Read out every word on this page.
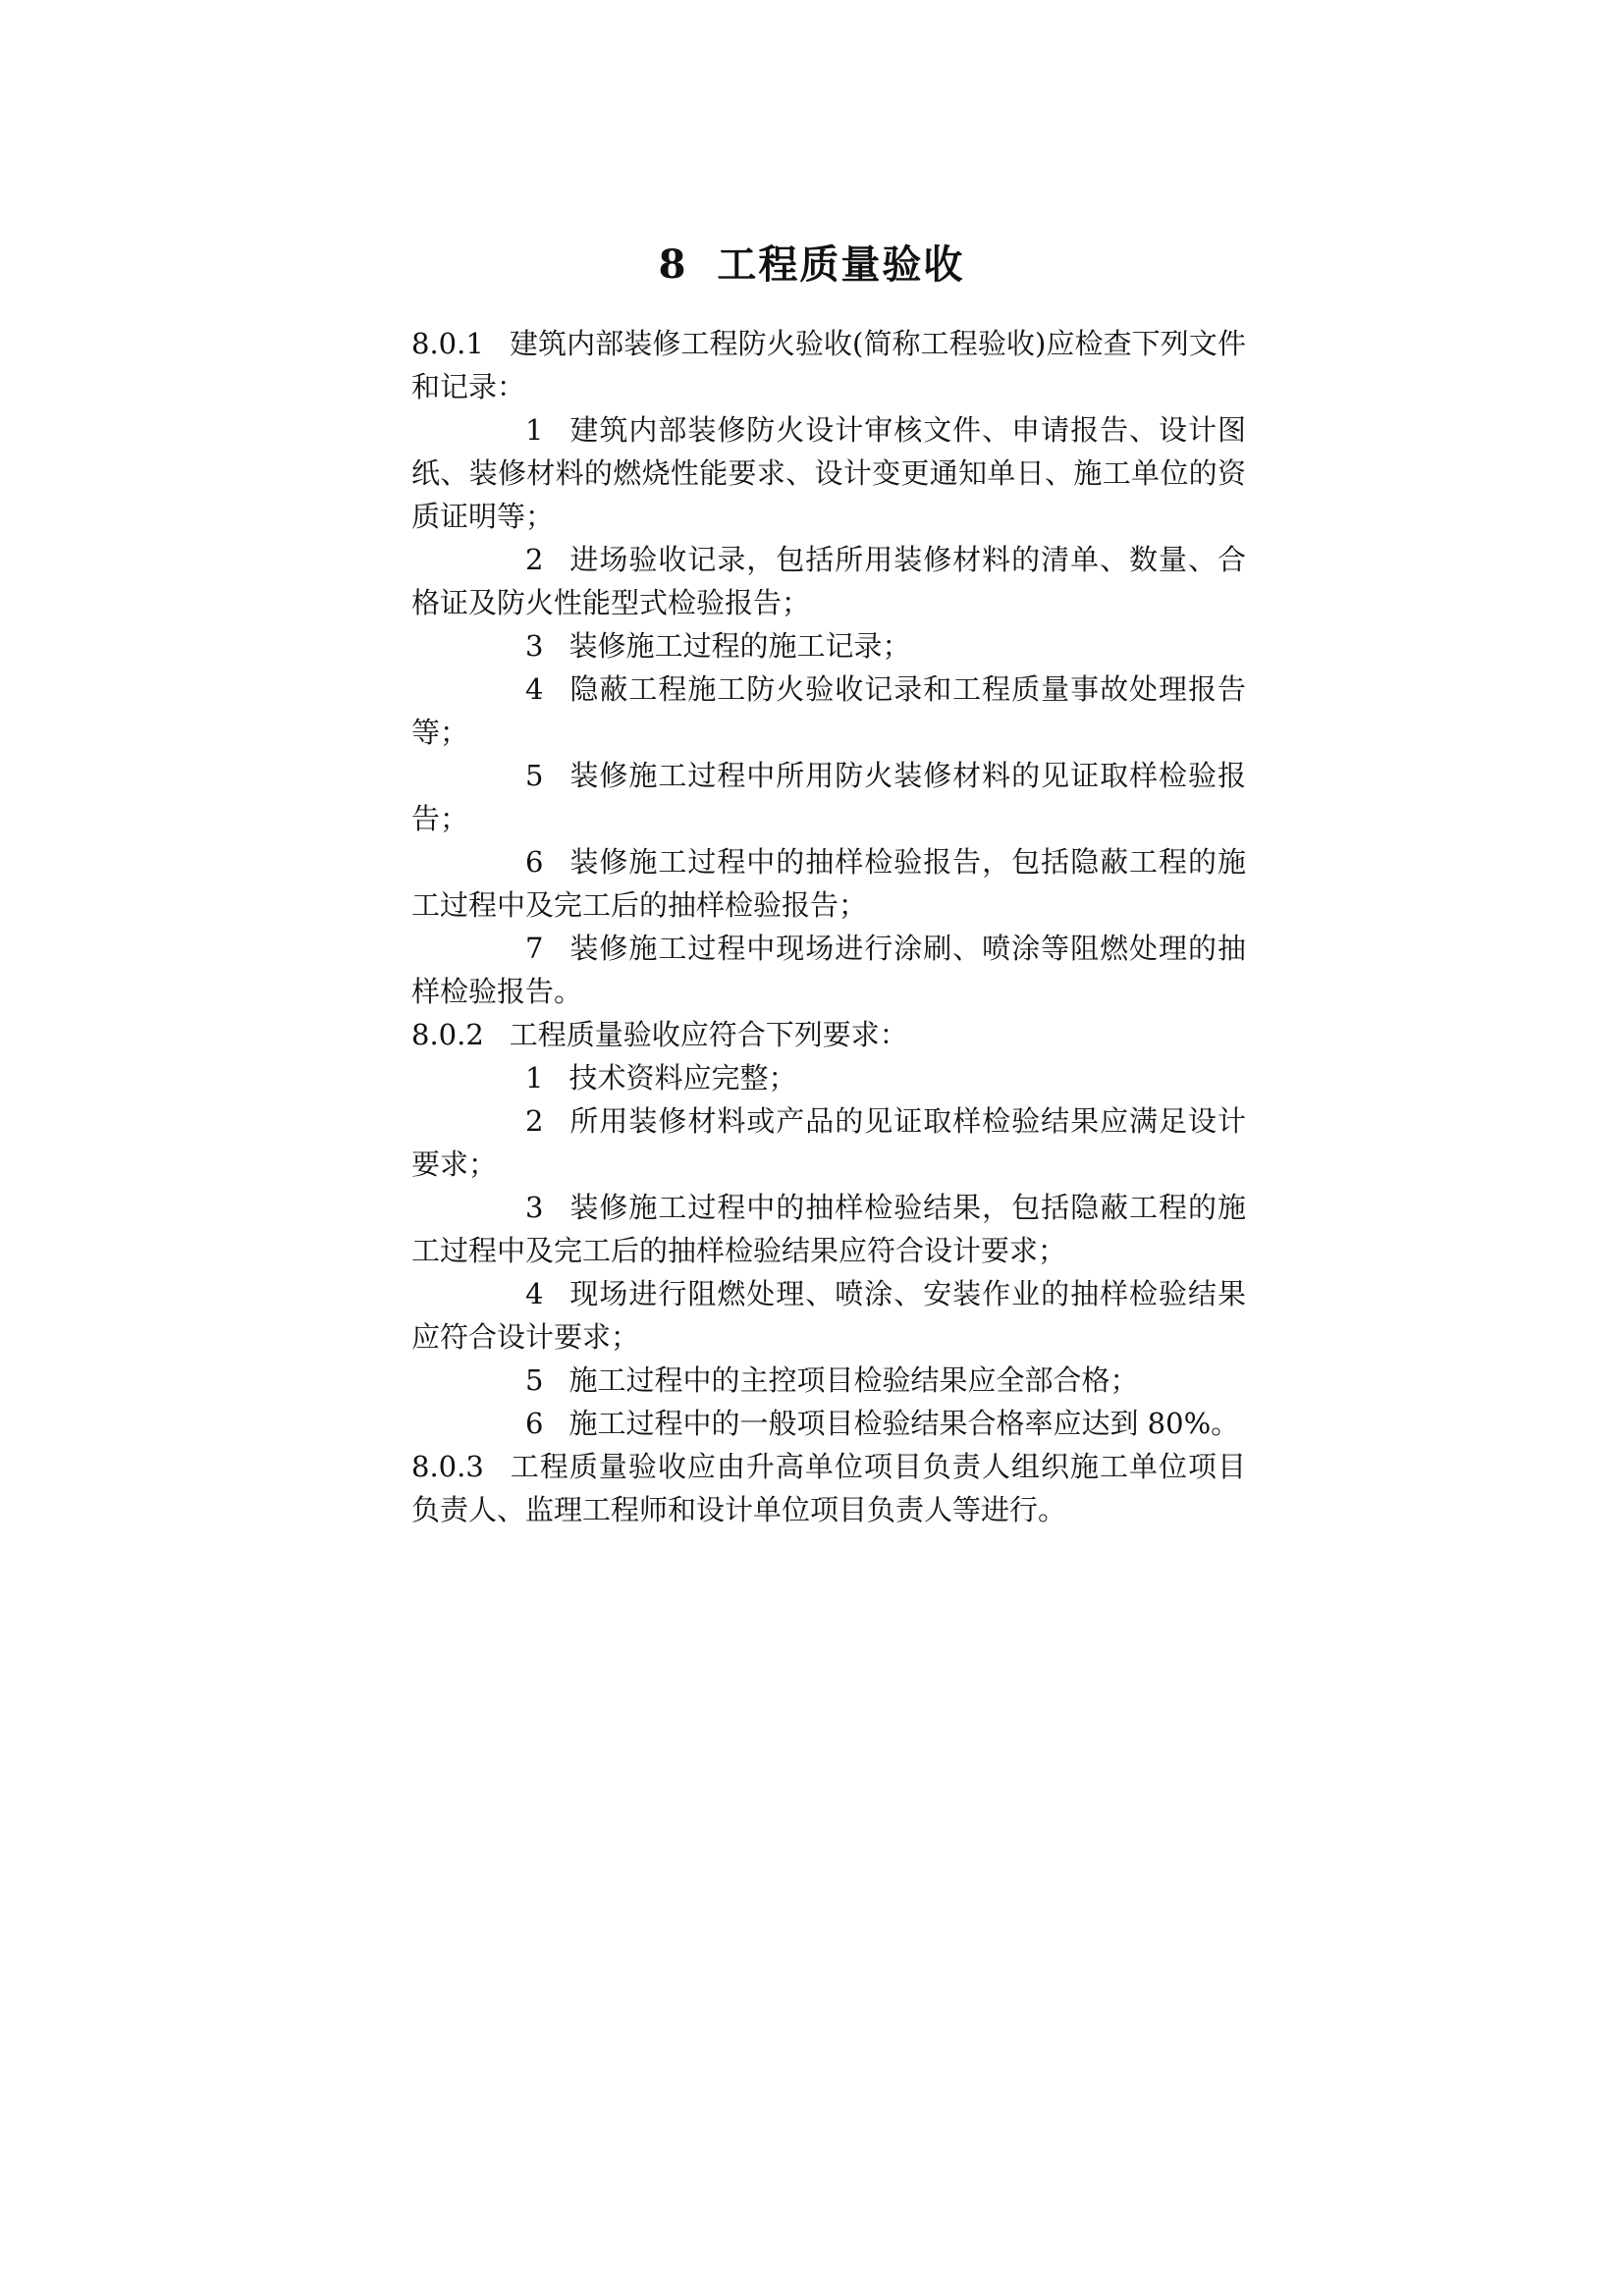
8 工程质量验收

8.0.1 建筑内部装修工程防火验收(简称工程验收)应检查下列文件和记录：

1 建筑内部装修防火设计审核文件、申请报告、设计图纸、装修材料的燃烧性能要求、设计变更通知单日、施工单位的资质证明等；

2 进场验收记录，包括所用装修材料的清单、数量、合格证及防火性能型式检验报告；

3 装修施工过程的施工记录；

4 隐蔽工程施工防火验收记录和工程质量事故处理报告等；

5 装修施工过程中所用防火装修材料的见证取样检验报告；

6 装修施工过程中的抽样检验报告，包括隐蔽工程的施工过程中及完工后的抽样检验报告；

7 装修施工过程中现场进行涂刷、喷涂等阻燃处理的抽样检验报告。

8.0.2 工程质量验收应符合下列要求：

1 技术资料应完整；

2 所用装修材料或产品的见证取样检验结果应满足设计要求；

3 装修施工过程中的抽样检验结果，包括隐蔽工程的施工过程中及完工后的抽样检验结果应符合设计要求；

4 现场进行阻燃处理、喷涂、安装作业的抽样检验结果应符合设计要求；

5 施工过程中的主控项目检验结果应全部合格；

6 施工过程中的一般项目检验结果合格率应达到 80%。

8.0.3 工程质量验收应由升高单位项目负责人组织施工单位项目负责人、监理工程师和设计单位项目负责人等进行。
